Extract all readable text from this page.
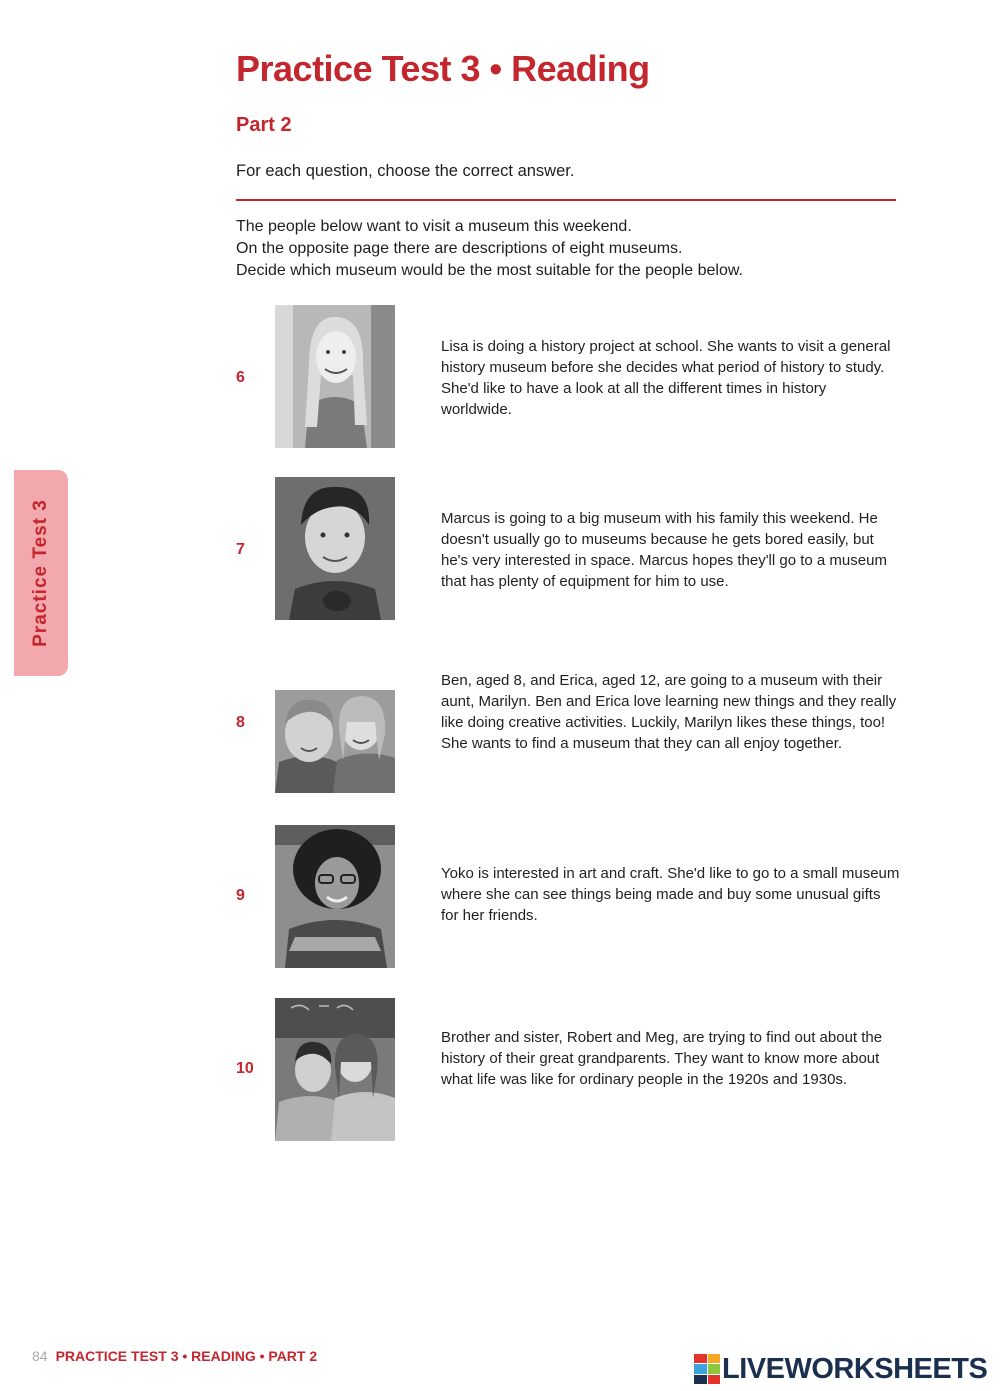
Practice Test 3 • Reading
Part 2
For each question, choose the correct answer.
The people below want to visit a museum this weekend.
On the opposite page there are descriptions of eight museums.
Decide which museum would be the most suitable for the people below.
Practice Test 3
6
Lisa is doing a history project at school. She wants to visit a general history museum before she decides what period of history to study. She'd like to have a look at all the different times in history worldwide.
7
Marcus is going to a big museum with his family this weekend. He doesn't usually go to museums because he gets bored easily, but he's very interested in space. Marcus hopes they'll go to a museum that has plenty of equipment for him to use.
8
Ben, aged 8, and Erica, aged 12, are going to a museum with their aunt, Marilyn. Ben and Erica love learning new things and they really like doing creative activities. Luckily, Marilyn likes these things, too! She wants to find a museum that they can all enjoy together.
9
Yoko is interested in art and craft. She'd like to go to a small museum where she can see things being made and buy some unusual gifts for her friends.
10
Brother and sister, Robert and Meg, are trying to find out about the history of their great grandparents. They want to know more about what life was like for ordinary people in the 1920s and 1930s.
84 PRACTICE TEST 3 • READING • PART 2	LIVEWORKSHEETS
